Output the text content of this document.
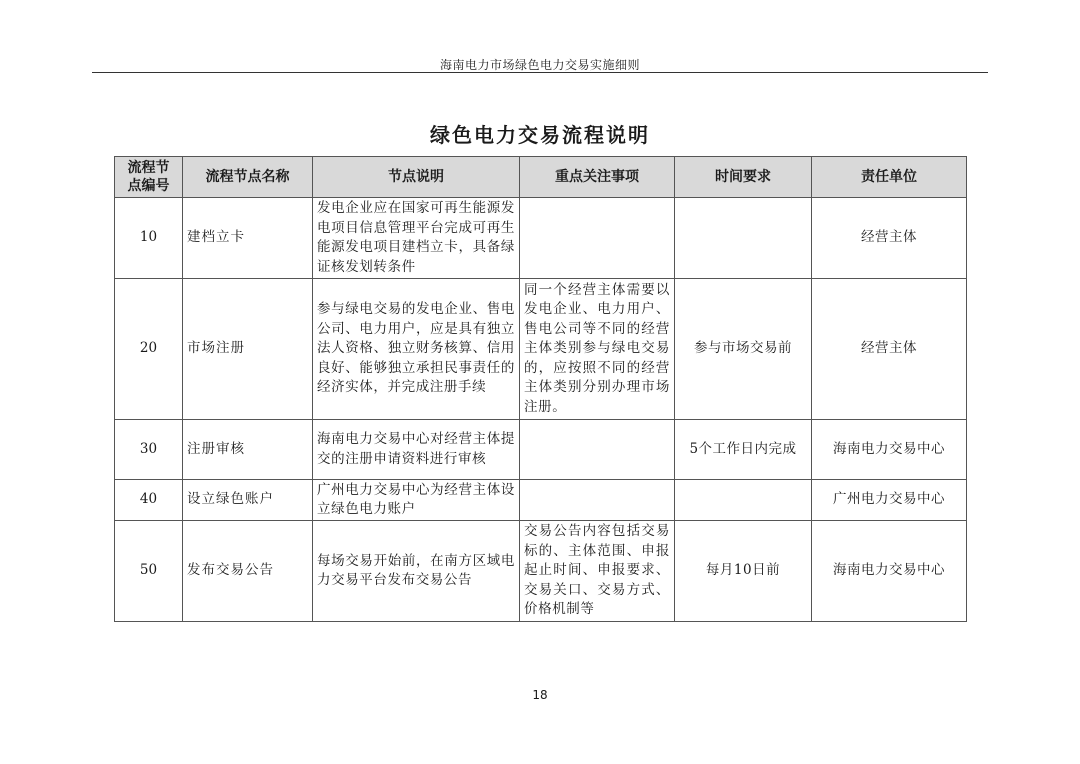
海南电力市场绿色电力交易实施细则
绿色电力交易流程说明
流程节点编号	流程节点名称	节点说明	重点关注事项	时间要求	责任单位
10	建档立卡	发电企业应在国家可再生能源发电项目信息管理平台完成可再生能源发电项目建档立卡，具备绿证核发划转条件			经营主体
20	市场注册	参与绿电交易的发电企业、售电公司、电力用户，应是具有独立法人资格、独立财务核算、信用良好、能够独立承担民事责任的经济实体，并完成注册手续	同一个经营主体需要以发电企业、电力用户、售电公司等不同的经营主体类别参与绿电交易的，应按照不同的经营主体类别分别办理市场注册。	参与市场交易前	经营主体
30	注册审核	海南电力交易中心对经营主体提交的注册申请资料进行审核		5个工作日内完成	海南电力交易中心
40	设立绿色账户	广州电力交易中心为经营主体设立绿色电力账户			广州电力交易中心
50	发布交易公告	每场交易开始前，在南方区域电力交易平台发布交易公告	交易公告内容包括交易标的、主体范围、申报起止时间、申报要求、交易关口、交易方式、价格机制等	每月10日前	海南电力交易中心
18
